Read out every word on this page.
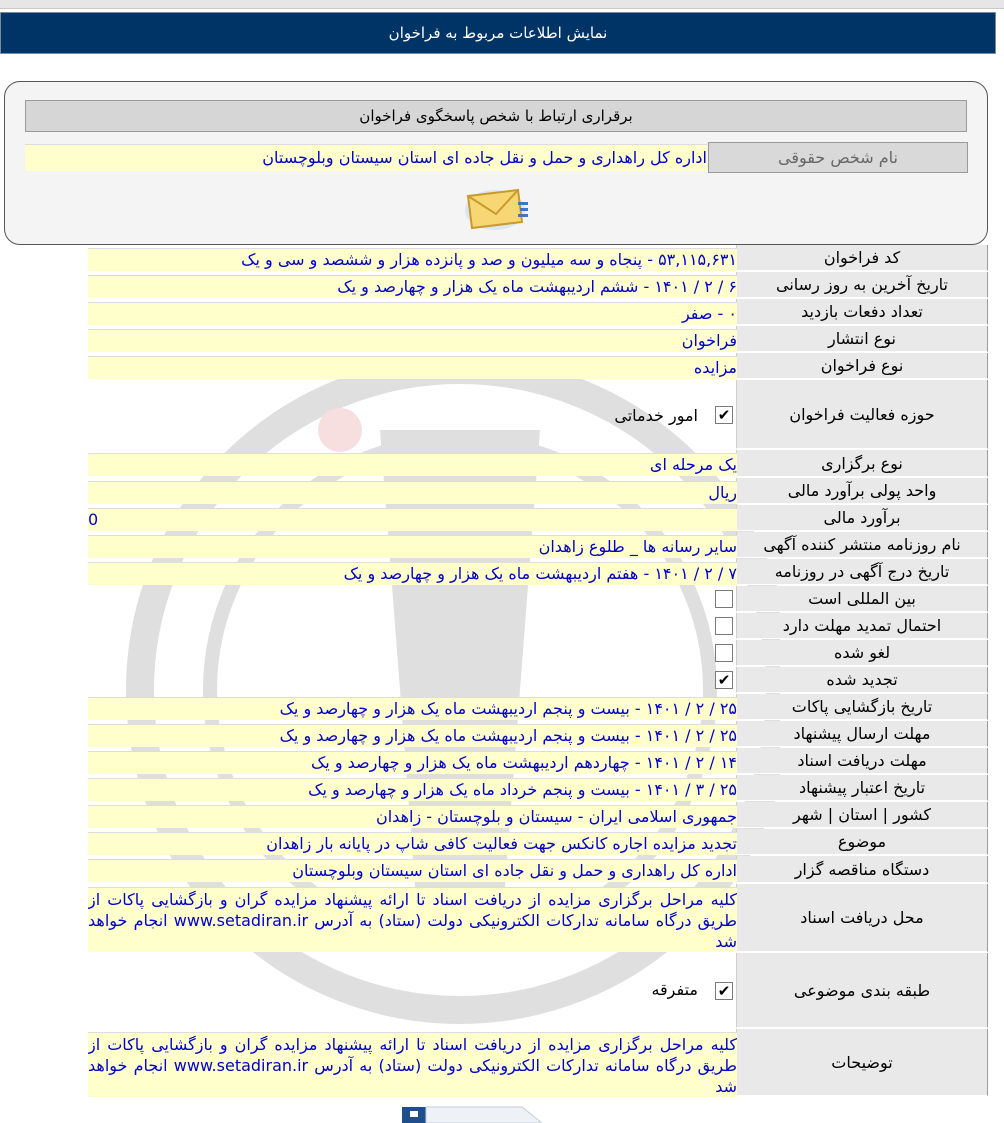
نمایش اطلاعات مربوط به فراخوان
برقراری ارتباط با شخص پاسخگوی فراخوان
نام شخص حقوقی
اداره کل راهداری و حمل و نقل جاده ای استان سیستان وبلوچستان
کد فراخوان
۵۳,۱۱۵,۶۳۱ - پنجاه و سه میلیون و صد و پانزده هزار و ششصد و سی و یک
تاریخ آخرین به روز رسانی
۶ / ۲ / ۱۴۰۱ - ششم اردیبهشت ماه یک هزار و چهارصد و یک
تعداد دفعات بازدید
۰ - صفر
نوع انتشار
فراخوان
نوع فراخوان
مزایده
حوزه فعالیت فراخوان
✔
امور خدماتی
نوع برگزاری
یک مرحله ای
واحد پولی برآورد مالی
ریال
برآورد مالی
0
نام روزنامه منتشر کننده آگهی
سایر رسانه ها _ طلوع زاهدان
تاریخ درج آگهی در روزنامه
۷ / ۲ / ۱۴۰۱ - هفتم اردیبهشت ماه یک هزار و چهارصد و یک
بین المللی است
احتمال تمدید مهلت دارد
لغو شده
تجدید شده
✔
تاریخ بازگشایی پاکات
۲۵ / ۲ / ۱۴۰۱ - بیست و پنجم اردیبهشت ماه یک هزار و چهارصد و یک
مهلت ارسال پیشنهاد
۲۵ / ۲ / ۱۴۰۱ - بیست و پنجم اردیبهشت ماه یک هزار و چهارصد و یک
مهلت دریافت اسناد
۱۴ / ۲ / ۱۴۰۱ - چهاردهم اردیبهشت ماه یک هزار و چهارصد و یک
تاریخ اعتبار پیشنهاد
۲۵ / ۳ / ۱۴۰۱ - بیست و پنجم خرداد ماه یک هزار و چهارصد و یک
کشور | استان | شهر
جمهوری اسلامی ایران - سیستان و بلوچستان - زاهدان
موضوع
تجدید مزایده اجاره کانکس جهت فعالیت کافی شاپ در پایانه بار زاهدان
دستگاه مناقصه گزار
اداره کل راهداری و حمل و نقل جاده ای استان سیستان وبلوچستان
محل دریافت اسناد
کلیه مراحل برگزاری مزایده از دریافت اسناد تا ارائه پیشنهاد مزایده گران و بازگشایی پاکات از طریق درگاه سامانه تدارکات الکترونیکی دولت (ستاد) به آدرس www.setadiran.ir انجام خواهد شد
طبقه بندی موضوعی
✔
متفرقه
توضیحات
کلیه مراحل برگزاری مزایده از دریافت اسناد تا ارائه پیشنهاد مزایده گران و بازگشایی پاکات از طریق درگاه سامانه تدارکات الکترونیکی دولت (ستاد) به آدرس www.setadiran.ir انجام خواهد شد
